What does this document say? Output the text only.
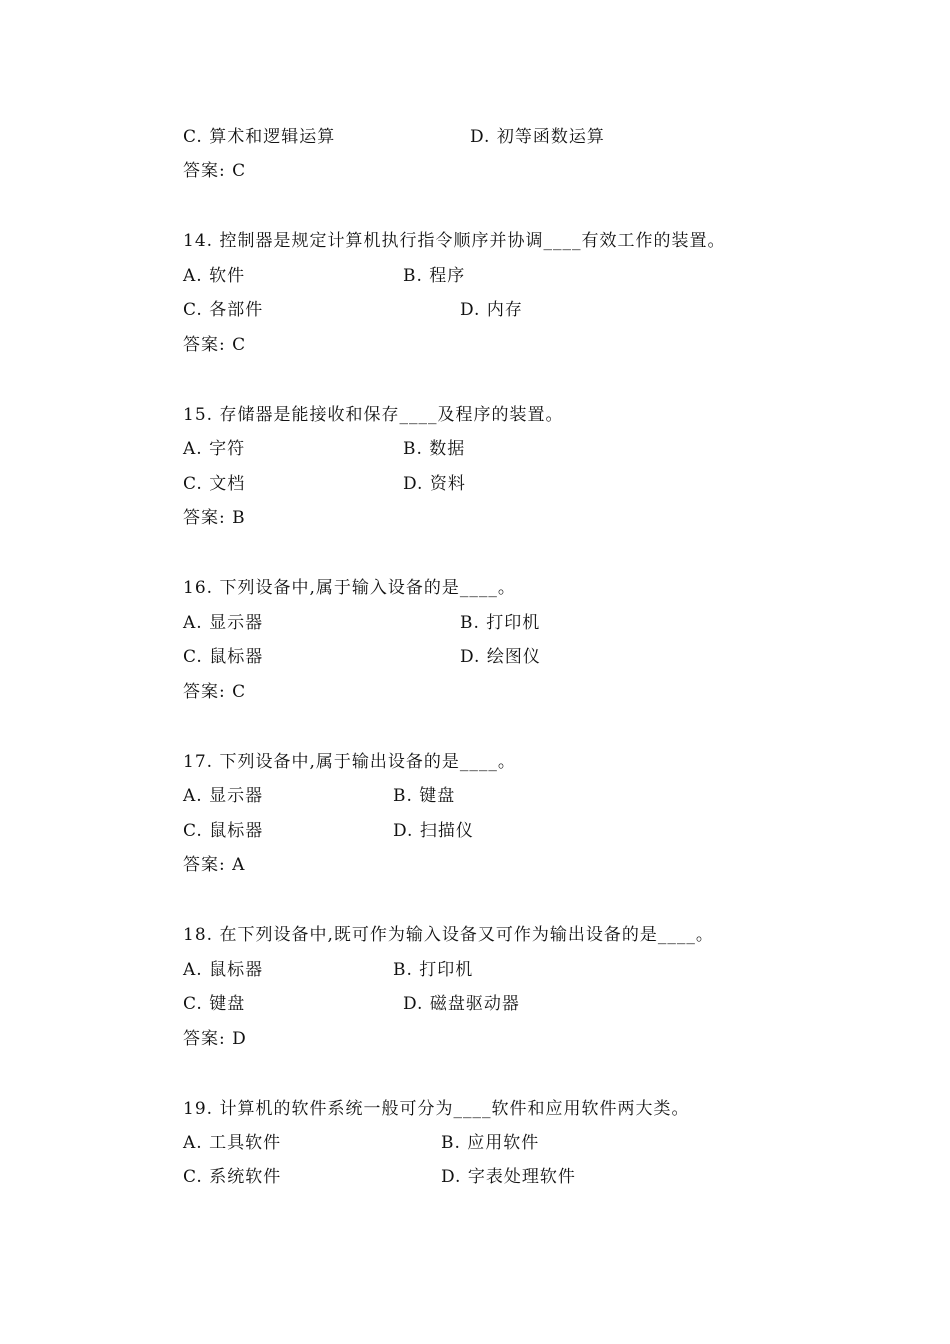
C. 算术和逻辑运算	D. 初等函数运算
答案: C
14. 控制器是规定计算机执行指令顺序并协调____有效工作的装置。
A. 软件	B. 程序
C. 各部件	D. 内存
答案: C
15. 存储器是能接收和保存____及程序的装置。
A. 字符	B. 数据
C. 文档	D. 资料
答案: B
16. 下列设备中,属于输入设备的是____。
A. 显示器	B. 打印机
C. 鼠标器	D. 绘图仪
答案: C
17. 下列设备中,属于输出设备的是____。
A. 显示器	B. 键盘
C. 鼠标器	D. 扫描仪
答案: A
18. 在下列设备中,既可作为输入设备又可作为输出设备的是____。
A. 鼠标器	B. 打印机
C. 键盘	D. 磁盘驱动器
答案: D
19. 计算机的软件系统一般可分为____软件和应用软件两大类。
A. 工具软件	B. 应用软件
C. 系统软件	D. 字表处理软件
